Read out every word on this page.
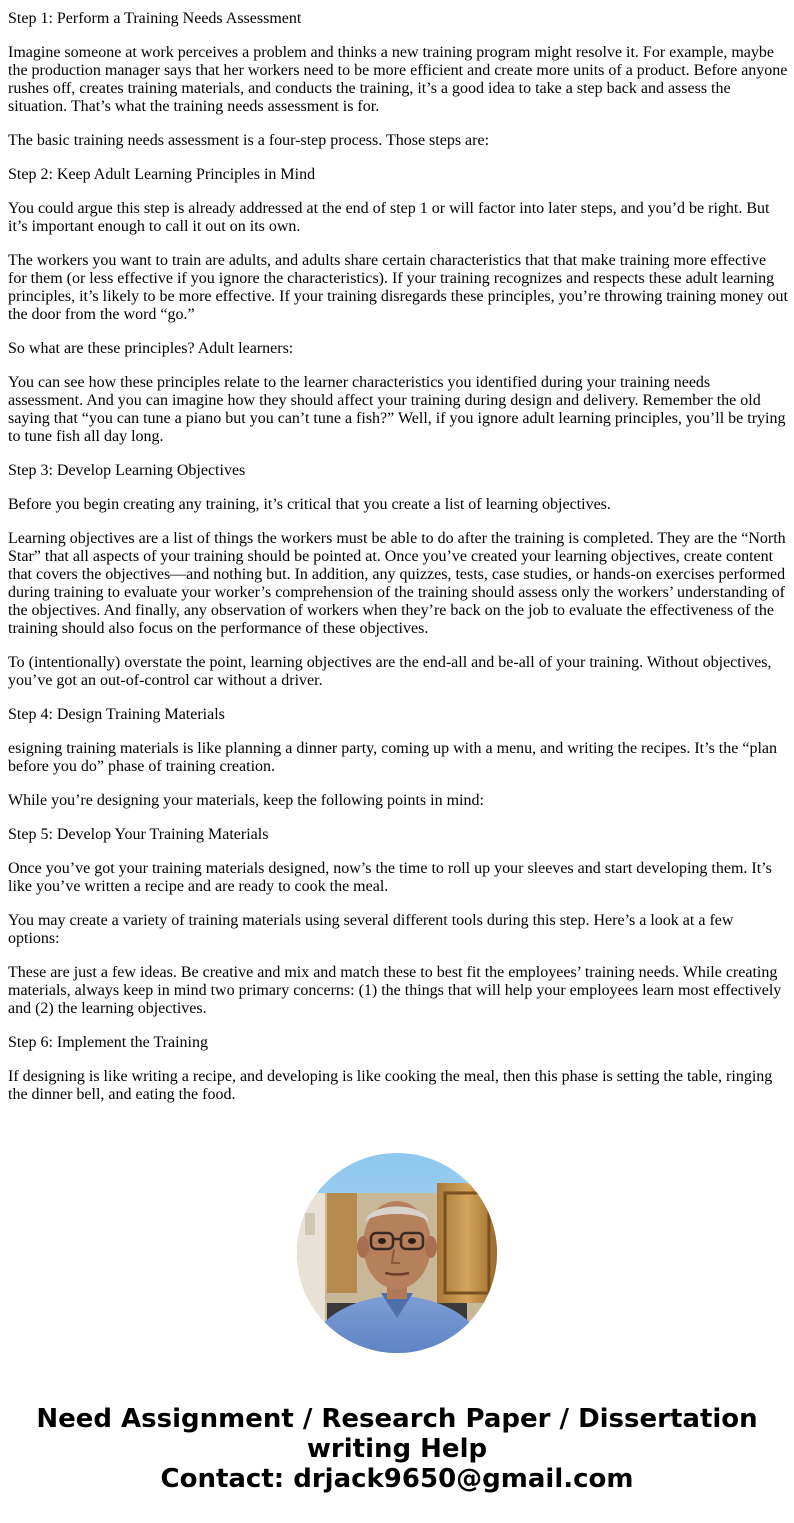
Step 1: Perform a Training Needs Assessment

Imagine someone at work perceives a problem and thinks a new training program might resolve it. For example, maybe the production manager says that her workers need to be more efficient and create more units of a product. Before anyone rushes off, creates training materials, and conducts the training, it’s a good idea to take a step back and assess the situation. That’s what the training needs assessment is for.

The basic training needs assessment is a four-step process. Those steps are:

Step 2: Keep Adult Learning Principles in Mind

You could argue this step is already addressed at the end of step 1 or will factor into later steps, and you’d be right. But it’s important enough to call it out on its own.

The workers you want to train are adults, and adults share certain characteristics that that make training more effective for them (or less effective if you ignore the characteristics). If your training recognizes and respects these adult learning principles, it’s likely to be more effective. If your training disregards these principles, you’re throwing training money out the door from the word “go.”

So what are these principles? Adult learners:

You can see how these principles relate to the learner characteristics you identified during your training needs assessment. And you can imagine how they should affect your training during design and delivery. Remember the old saying that “you can tune a piano but you can’t tune a fish?” Well, if you ignore adult learning principles, you’ll be trying to tune fish all day long.

Step 3: Develop Learning Objectives

Before you begin creating any training, it’s critical that you create a list of learning objectives.

Learning objectives are a list of things the workers must be able to do after the training is completed. They are the “North Star” that all aspects of your training should be pointed at. Once you’ve created your learning objectives, create content that covers the objectives—and nothing but. In addition, any quizzes, tests, case studies, or hands-on exercises performed during training to evaluate your worker’s comprehension of the training should assess only the workers’ understanding of the objectives. And finally, any observation of workers when they’re back on the job to evaluate the effectiveness of the training should also focus on the performance of these objectives.

To (intentionally) overstate the point, learning objectives are the end-all and be-all of your training. Without objectives, you’ve got an out-of-control car without a driver.

Step 4: Design Training Materials

esigning training materials is like planning a dinner party, coming up with a menu, and writing the recipes. It’s the “plan before you do” phase of training creation.

While you’re designing your materials, keep the following points in mind:

Step 5: Develop Your Training Materials

Once you’ve got your training materials designed, now’s the time to roll up your sleeves and start developing them. It’s like you’ve written a recipe and are ready to cook the meal.

You may create a variety of training materials using several different tools during this step. Here’s a look at a few options:

These are just a few ideas. Be creative and mix and match these to best fit the employees’ training needs. While creating materials, always keep in mind two primary concerns: (1) the things that will help your employees learn most effectively and (2) the learning objectives.

Step 6: Implement the Training

If designing is like writing a recipe, and developing is like cooking the meal, then this phase is setting the table, ringing the dinner bell, and eating the food.

Need Assignment / Research Paper / Dissertation
writing Help
Contact: drjack9650@gmail.com
